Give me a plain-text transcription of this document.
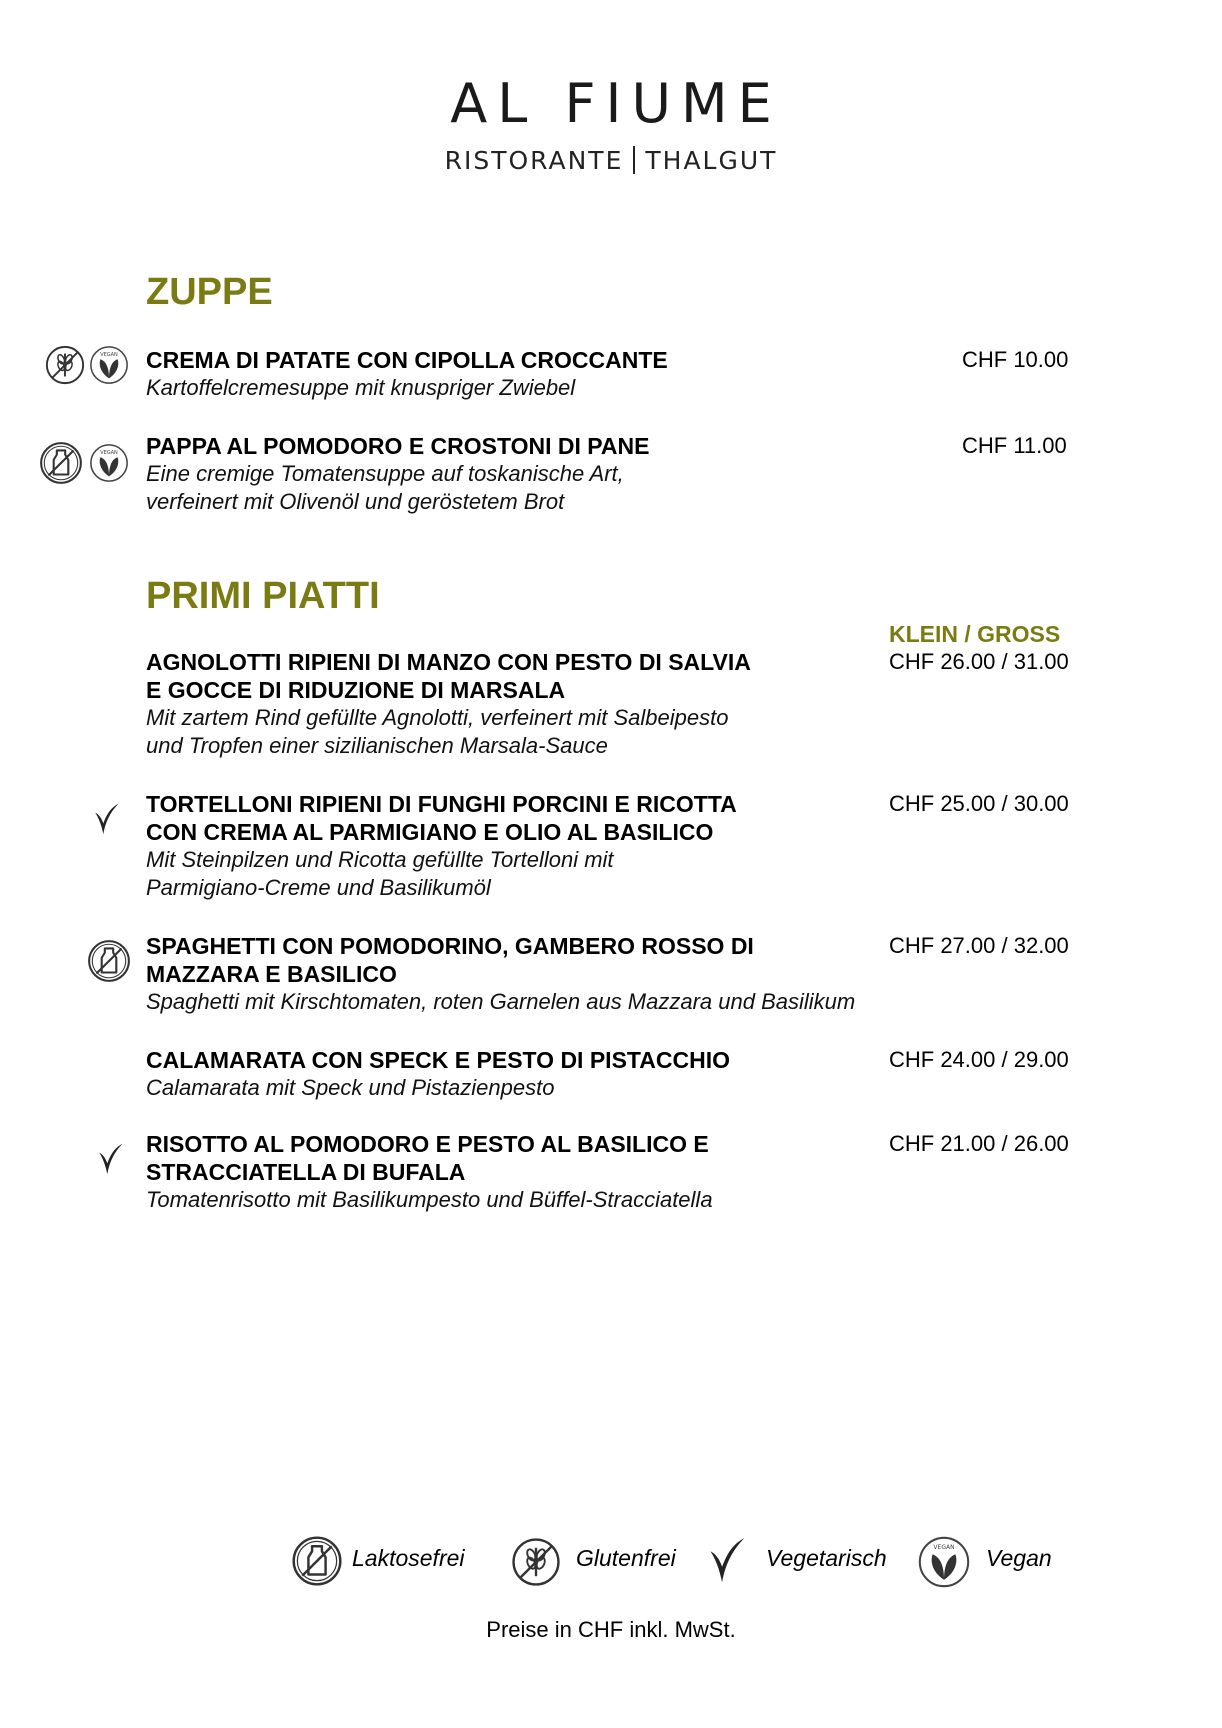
AL FIUME
RISTORANTE THALGUT
ZUPPE
VEGAN CREMA DI PATATE CON CIPOLLA CROCCANTE

Kartoffelcremesuppe mit knuspriger Zwiebel

CHF 10.00
VEGAN PAPPA AL POMODORO E CROSTONI DI PANE

Eine cremige Tomatensuppe auf toskanische Art,

verfeinert mit Olivenöl und geröstetem Brot

CHF 11.00
PRIMI PIATTI
KLEIN / GROSS

AGNOLOTTI RIPIENI DI MANZO CON PESTO DI SALVIA

E GOCCE DI RIDUZIONE DI MARSALA

Mit zartem Rind gefüllte Agnolotti, verfeinert mit Salbeipesto

und Tropfen einer sizilianischen Marsala-Sauce

CHF 26.00 / 31.00

TORTELLONI RIPIENI DI FUNGHI PORCINI E RICOTTA

CON CREMA AL PARMIGIANO E OLIO AL BASILICO

Mit Steinpilzen und Ricotta gefüllte Tortelloni mit

Parmigiano-Creme und Basilikumöl

CHF 25.00 / 30.00

SPAGHETTI CON POMODORINO, GAMBERO ROSSO DI

MAZZARA E BASILICO

Spaghetti mit Kirschtomaten, roten Garnelen aus Mazzara und Basilikum

CHF 27.00 / 32.00

CALAMARATA CON SPECK E PESTO DI PISTACCHIO

Calamarata mit Speck und Pistazienpesto

CHF 24.00 / 29.00

RISOTTO AL POMODORO E PESTO AL BASILICO E

STRACCIATELLA DI BUFALA

Tomatenrisotto mit Basilikumpesto und Büffel-Stracciatella

CHF 21.00 / 26.00
Laktosefrei	Glutenfrei	Vegetarisch	VEGAN Vegan
Preise in CHF inkl. MwSt.
